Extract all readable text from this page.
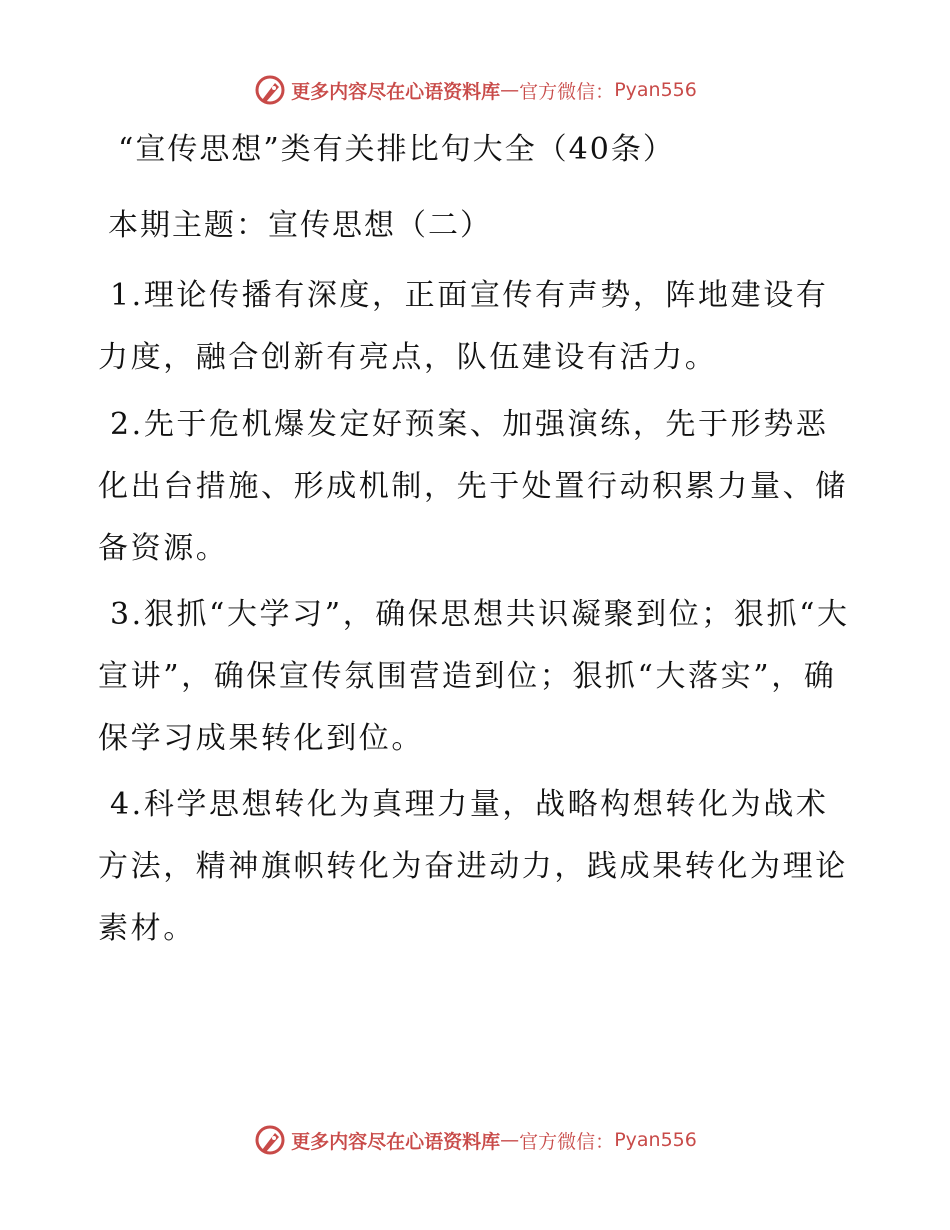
更多内容尽在心语资料库 — 官方微信： Pyan556
“宣传思想”类有关排比句大全（40条）
本期主题：宣传思想（二）

1.理论传播有深度，正面宣传有声势，阵地建设有力度，融合创新有亮点，队伍建设有活力。

2.先于危机爆发定好预案、加强演练，先于形势恶化出台措施、形成机制，先于处置行动积累力量、储备资源。

3.狠抓“大学习”，确保思想共识凝聚到位；狠抓“大宣讲”，确保宣传氛围营造到位；狠抓“大落实”，确保学习成果转化到位。

4.科学思想转化为真理力量，战略构想转化为战术方法，精神旗帜转化为奋进动力，践成果转化为理论素材。

更多内容尽在心语资料库 — 官方微信： Pyan556
